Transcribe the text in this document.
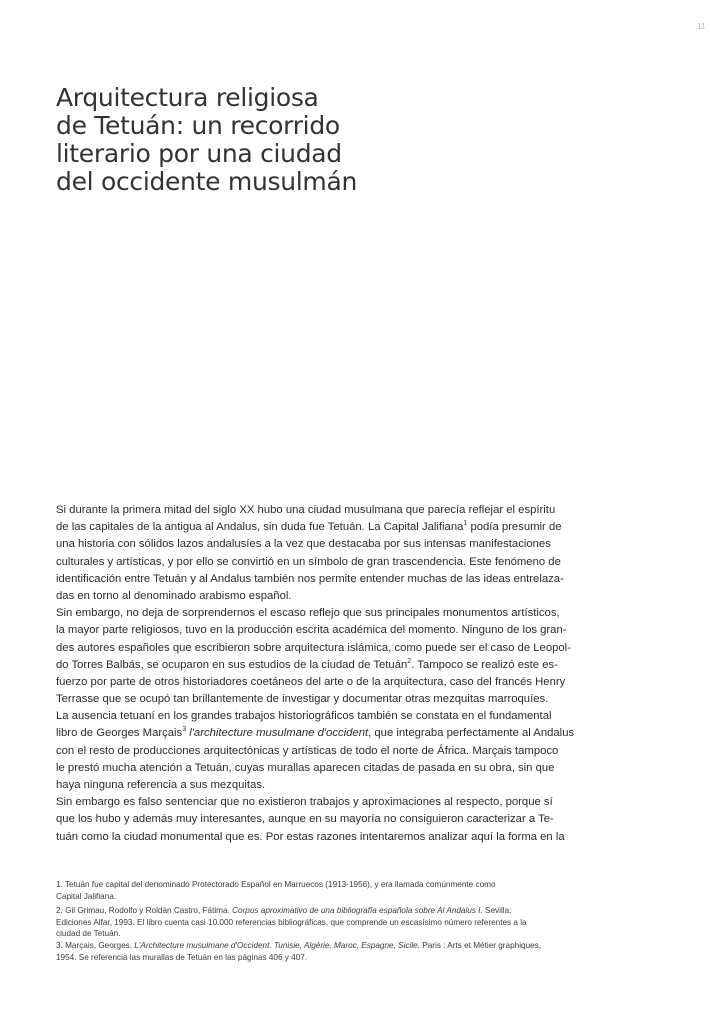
11
Arquitectura religiosa
de Tetuán: un recorrido
literario por una ciudad
del occidente musulmán
Si durante la primera mitad del siglo XX hubo una ciudad musulmana que parecía reflejar el espíritu
de las capitales de la antigua al Andalus, sin duda fue Tetuán. La Capital Jalifiana$^1$ podía presumir de
una historia con sólidos lazos andalusíes a la vez que destacaba por sus intensas manifestaciones
culturales y artísticas, y por ello se convirtió en un símbolo de gran trascendencia. Este fenómeno de
identificación entre Tetuán y al Andalus también nos permite entender muchas de las ideas entrelaza-
das en torno al denominado arabismo español.
Sin embargo, no deja de sorprendernos el escaso reflejo que sus principales monumentos artísticos,
la mayor parte religiosos, tuvo en la producción escrita académica del momento. Ninguno de los gran-
des autores españoles que escribieron sobre arquitectura islámica, como puede ser el caso de Leopol-
do Torres Balbás, se ocuparon en sus estudios de la ciudad de Tetuán$^2$. Tampoco se realizó este es-
fuerzo por parte de otros historiadores coetáneos del arte o de la arquitectura, caso del francés Henry
Terrasse que se ocupó tan brillantemente de investigar y documentar otras mezquitas marroquíes.
La ausencia tetuaní en los grandes trabajos historiográficos también se constata en el fundamental
libro de Georges Marçais$^3$ l'architecture musulmane d'occident, que integraba perfectamente al Andalus
con el resto de producciones arquitectónicas y artísticas de todo el norte de África. Marçais tampoco
le prestó mucha atención a Tetuán, cuyas murallas aparecen citadas de pasada en su obra, sin que
haya ninguna referencia a sus mezquitas.
Sin embargo es falso sentenciar que no existieron trabajos y aproximaciones al respecto, porque sí
que los hubo y además muy interesantes, aunque en su mayoría no consiguieron caracterizar a Te-
tuán como la ciudad monumental que es. Por estas razones intentaremos analizar aquí la forma en la
1. Tetuán fue capital del denominado Protectorado Español en Marruecos (1913-1956), y era llamada comúnmente como
Capital Jalifiana.
2. Gil Grimau, Rodolfo y Roldán Castro, Fátima. Corpus aproximativo de una bibliografía española sobre Al Andalus I. Sevilla:
Ediciones Alfar, 1993. El libro cuenta casi 10.000 referencias bibliográficas, que comprende un escasísimo número referentes a la
ciudad de Tetuán.
3. Marçais, Georges. L'Architecture musulmane d'Occident. Tunisie, Algérie, Maroc, Espagne, Sicile. Paris : Arts et Métier graphiques,
1954. Se referencia las murallas de Tetuán en las páginas 406 y 407.
